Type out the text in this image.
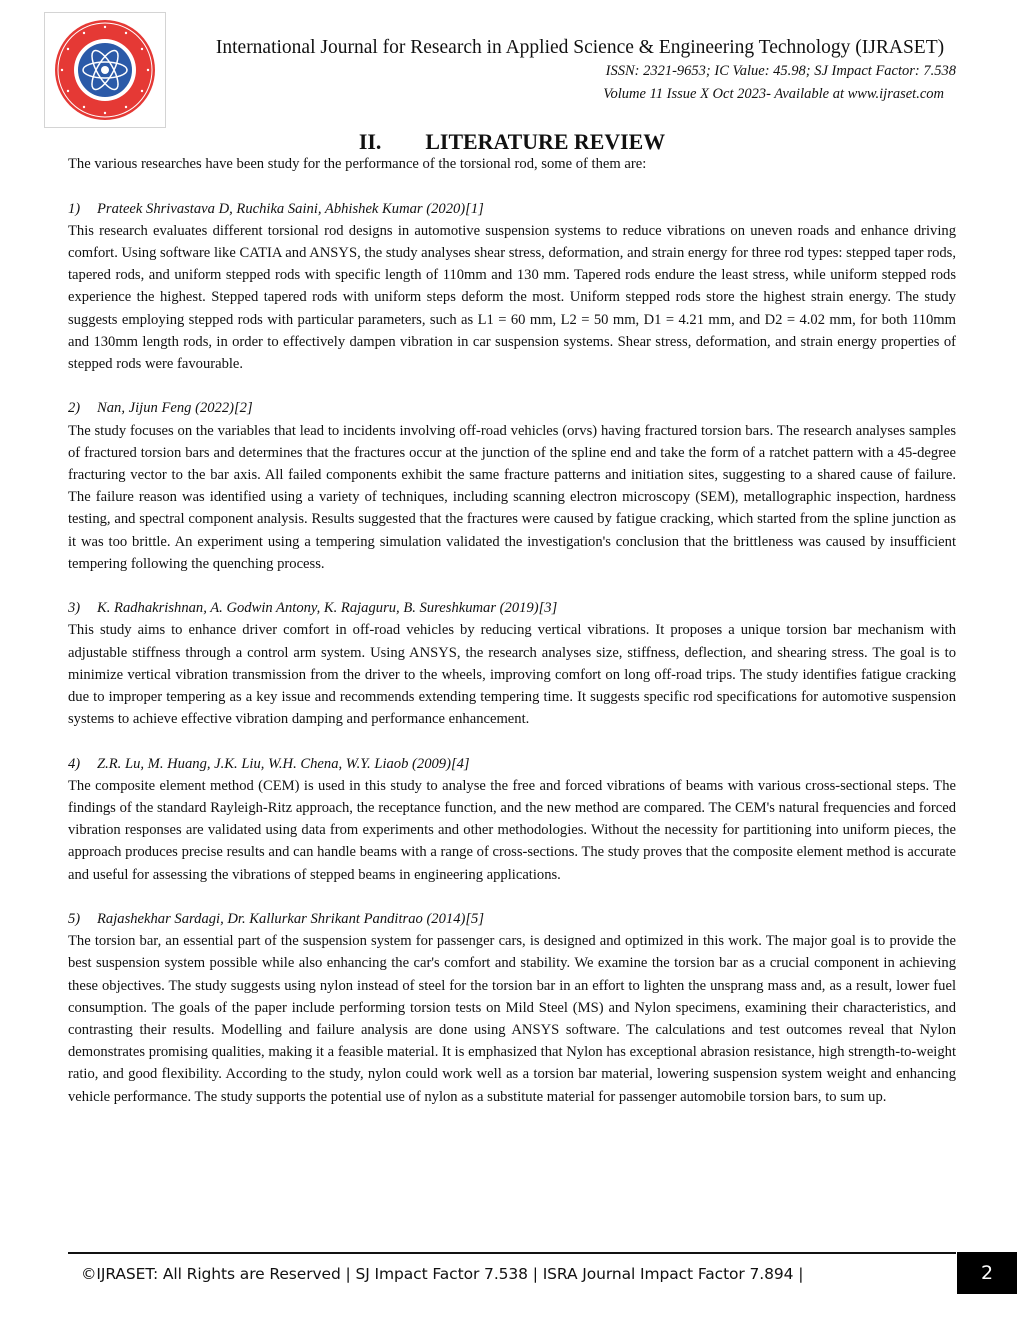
International Journal for Research in Applied Science & Engineering Technology (IJRASET)
ISSN: 2321-9653; IC Value: 45.98; SJ Impact Factor: 7.538
Volume 11 Issue X Oct 2023- Available at www.ijraset.com
II. LITERATURE REVIEW

The various researches have been study for the performance of the torsional rod, some of them are:

1) Prateek Shrivastava D, Ruchika Saini, Abhishek Kumar (2020)[1]

This research evaluates different torsional rod designs in automotive suspension systems to reduce vibrations on uneven roads and enhance driving comfort. Using software like CATIA and ANSYS, the study analyses shear stress, deformation, and strain energy for three rod types: stepped taper rods, tapered rods, and uniform stepped rods with specific length of 110mm and 130 mm. Tapered rods endure the least stress, while uniform stepped rods experience the highest. Stepped tapered rods with uniform steps deform the most. Uniform stepped rods store the highest strain energy. The study suggests employing stepped rods with particular parameters, such as L1 = 60 mm, L2 = 50 mm, D1 = 4.21 mm, and D2 = 4.02 mm, for both 110mm and 130mm length rods, in order to effectively dampen vibration in car suspension systems. Shear stress, deformation, and strain energy properties of stepped rods were favourable.

2) Nan, Jijun Feng (2022)[2]

The study focuses on the variables that lead to incidents involving off-road vehicles (orvs) having fractured torsion bars. The research analyses samples of fractured torsion bars and determines that the fractures occur at the junction of the spline end and take the form of a ratchet pattern with a 45-degree fracturing vector to the bar axis. All failed components exhibit the same fracture patterns and initiation sites, suggesting to a shared cause of failure. The failure reason was identified using a variety of techniques, including scanning electron microscopy (SEM), metallographic inspection, hardness testing, and spectral component analysis. Results suggested that the fractures were caused by fatigue cracking, which started from the spline junction as it was too brittle. An experiment using a tempering simulation validated the investigation's conclusion that the brittleness was caused by insufficient tempering following the quenching process.

3) K. Radhakrishnan, A. Godwin Antony, K. Rajaguru, B. Sureshkumar (2019)[3]

This study aims to enhance driver comfort in off-road vehicles by reducing vertical vibrations. It proposes a unique torsion bar mechanism with adjustable stiffness through a control arm system. Using ANSYS, the research analyses size, stiffness, deflection, and shearing stress. The goal is to minimize vertical vibration transmission from the driver to the wheels, improving comfort on long off-road trips. The study identifies fatigue cracking due to improper tempering as a key issue and recommends extending tempering time. It suggests specific rod specifications for automotive suspension systems to achieve effective vibration damping and performance enhancement.

4) Z.R. Lu, M. Huang, J.K. Liu, W.H. Chena, W.Y. Liaob (2009)[4]

The composite element method (CEM) is used in this study to analyse the free and forced vibrations of beams with various cross-sectional steps. The findings of the standard Rayleigh-Ritz approach, the receptance function, and the new method are compared. The CEM's natural frequencies and forced vibration responses are validated using data from experiments and other methodologies. Without the necessity for partitioning into uniform pieces, the approach produces precise results and can handle beams with a range of cross-sections. The study proves that the composite element method is accurate and useful for assessing the vibrations of stepped beams in engineering applications.

5) Rajashekhar Sardagi, Dr. Kallurkar Shrikant Panditrao (2014)[5]

The torsion bar, an essential part of the suspension system for passenger cars, is designed and optimized in this work. The major goal is to provide the best suspension system possible while also enhancing the car's comfort and stability. We examine the torsion bar as a crucial component in achieving these objectives. The study suggests using nylon instead of steel for the torsion bar in an effort to lighten the unsprang mass and, as a result, lower fuel consumption. The goals of the paper include performing torsion tests on Mild Steel (MS) and Nylon specimens, examining their characteristics, and contrasting their results. Modelling and failure analysis are done using ANSYS software. The calculations and test outcomes reveal that Nylon demonstrates promising qualities, making it a feasible material. It is emphasized that Nylon has exceptional abrasion resistance, high strength-to-weight ratio, and good flexibility. According to the study, nylon could work well as a torsion bar material, lowering suspension system weight and enhancing vehicle performance. The study supports the potential use of nylon as a substitute material for passenger automobile torsion bars, to sum up.

©IJRASET: All Rights are Reserved | SJ Impact Factor 7.538 | ISRA Journal Impact Factor 7.894 |	2
